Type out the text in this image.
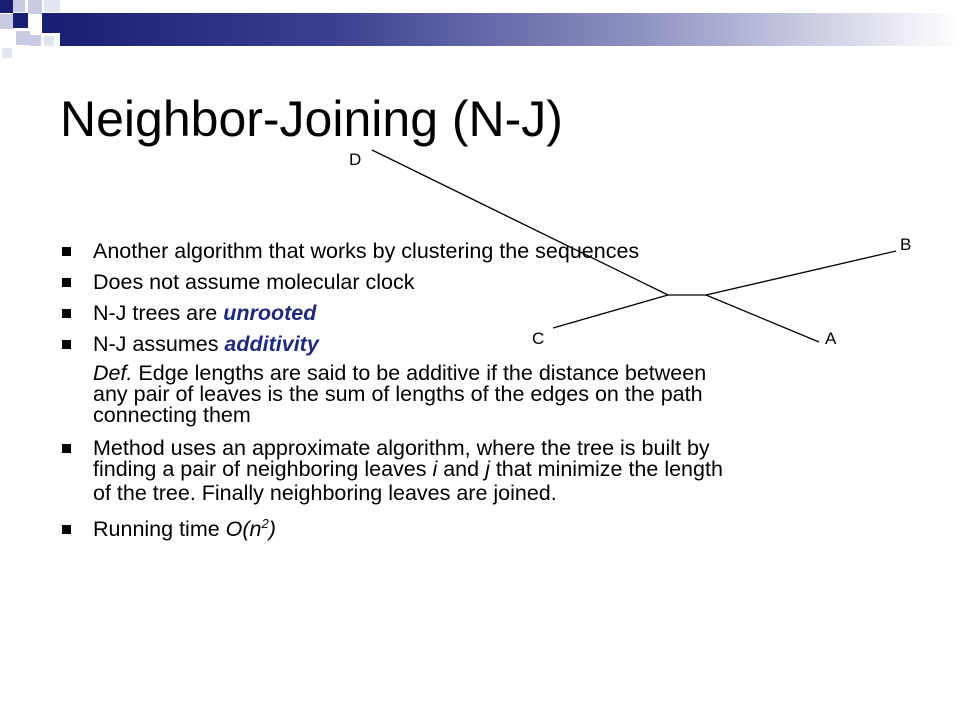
Neighbor-Joining (N-J)
D
B
C	A
Another algorithm that works by clustering the sequences
Does not assume molecular clock
N-J trees are unrooted
N-J assumes additivity
Def. Edge lengths are said to be additive if the distance between
any pair of leaves is the sum of lengths of the edges on the path
connecting them
Method uses an approximate algorithm, where the tree is built by
finding a pair of neighboring leaves i and j that minimize the length
of the tree. Finally neighboring leaves are joined.
Running time $O(n^2)$
